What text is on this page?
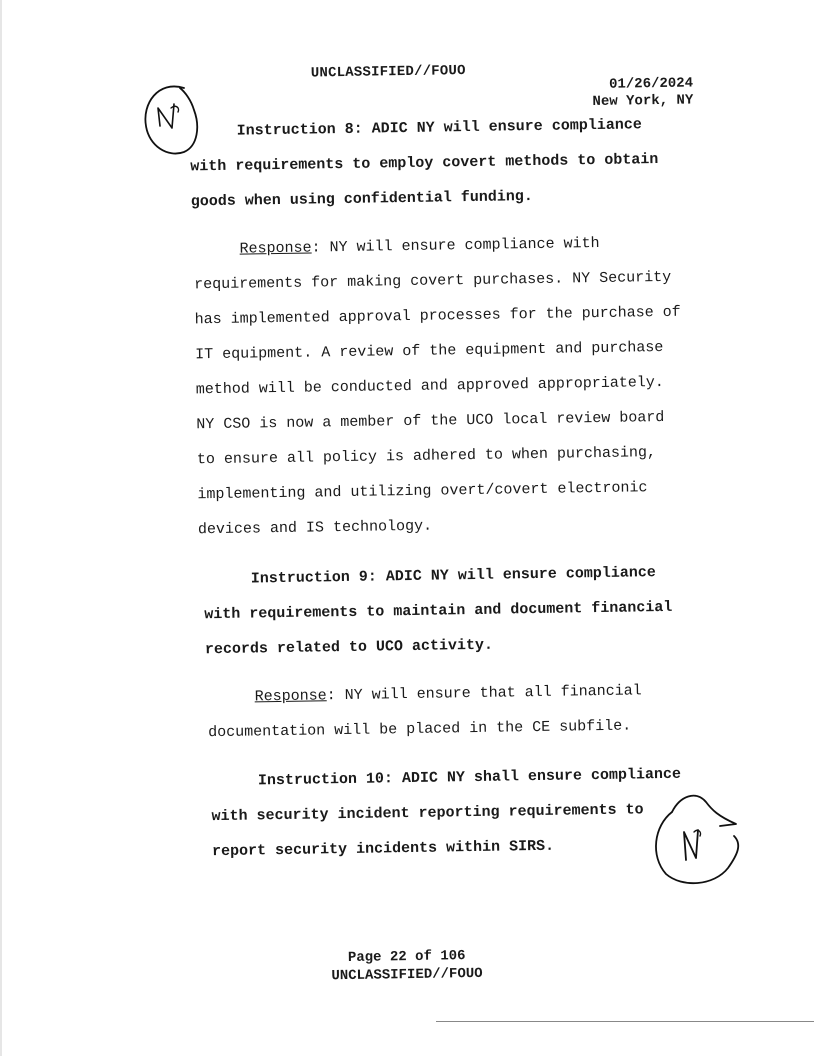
UNCLASSIFIED//FOUO
01/26/2024
New York, NY
Instruction 8: ADIC NY will ensure compliance
with requirements to employ covert methods to obtain
goods when using confidential funding.
Response: NY will ensure compliance with
requirements for making covert purchases. NY Security
has implemented approval processes for the purchase of
IT equipment. A review of the equipment and purchase
method will be conducted and approved appropriately.
NY CSO is now a member of the UCO local review board
to ensure all policy is adhered to when purchasing,
implementing and utilizing overt/covert electronic
devices and IS technology.
Instruction 9: ADIC NY will ensure compliance
with requirements to maintain and document financial
records related to UCO activity.
Response: NY will ensure that all financial
documentation will be placed in the CE subfile.
Instruction 10: ADIC NY shall ensure compliance
with security incident reporting requirements to
report security incidents within SIRS.
Page 22 of 106
UNCLASSIFIED//FOUO
